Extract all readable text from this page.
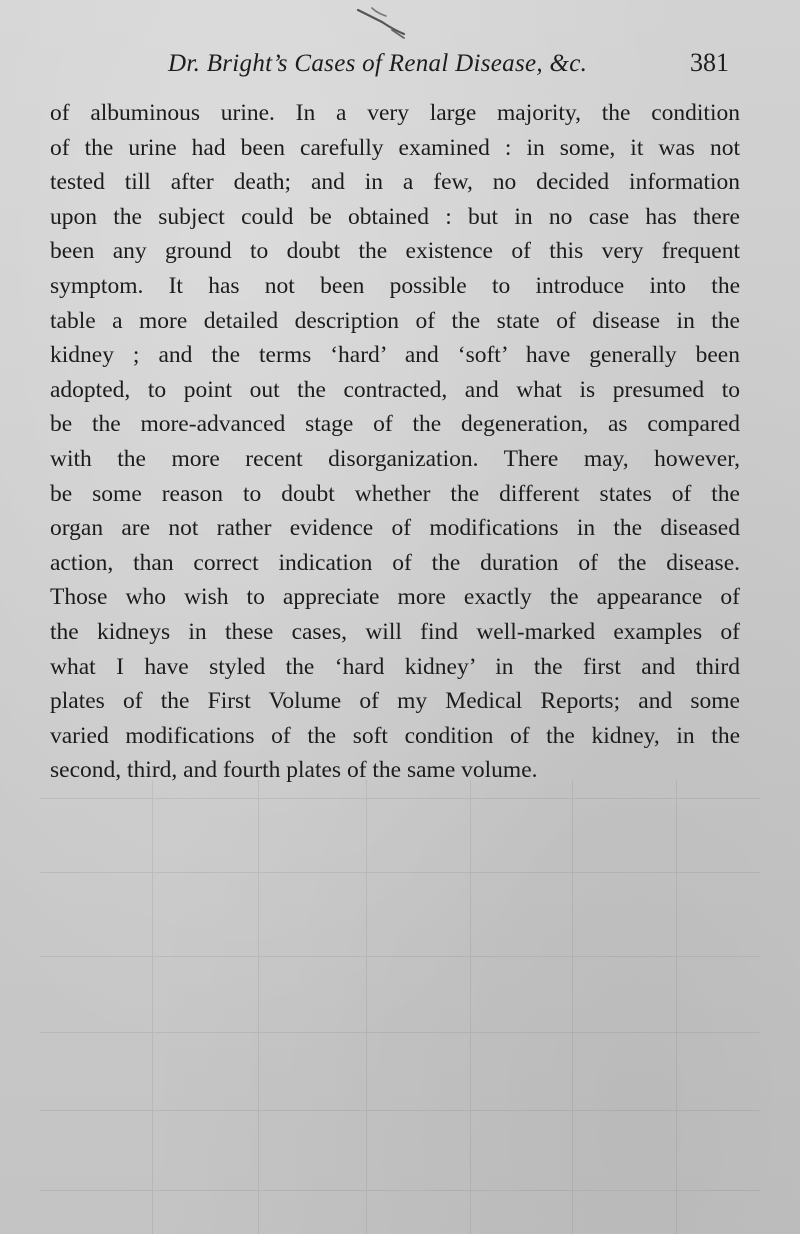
Dr. Bright’s Cases of Renal Disease, &c.	381
of albuminous urine. In a very large majority, the condition
of the urine had been carefully examined : in some, it was not
tested till after death; and in a few, no decided information
upon the subject could be obtained : but in no case has there
been any ground to doubt the existence of this very frequent
symptom. It has not been possible to introduce into the
table a more detailed description of the state of disease in the
kidney ; and the terms ‘hard’ and ‘soft’ have generally been
adopted, to point out the contracted, and what is presumed to
be the more-advanced stage of the degeneration, as compared
with the more recent disorganization. There may, however,
be some reason to doubt whether the different states of the
organ are not rather evidence of modifications in the diseased
action, than correct indication of the duration of the disease.
Those who wish to appreciate more exactly the appearance of
the kidneys in these cases, will find well-marked examples of
what I have styled the ‘hard kidney’ in the first and third
plates of the First Volume of my Medical Reports; and some
varied modifications of the soft condition of the kidney, in the
second, third, and fourth plates of the same volume.
